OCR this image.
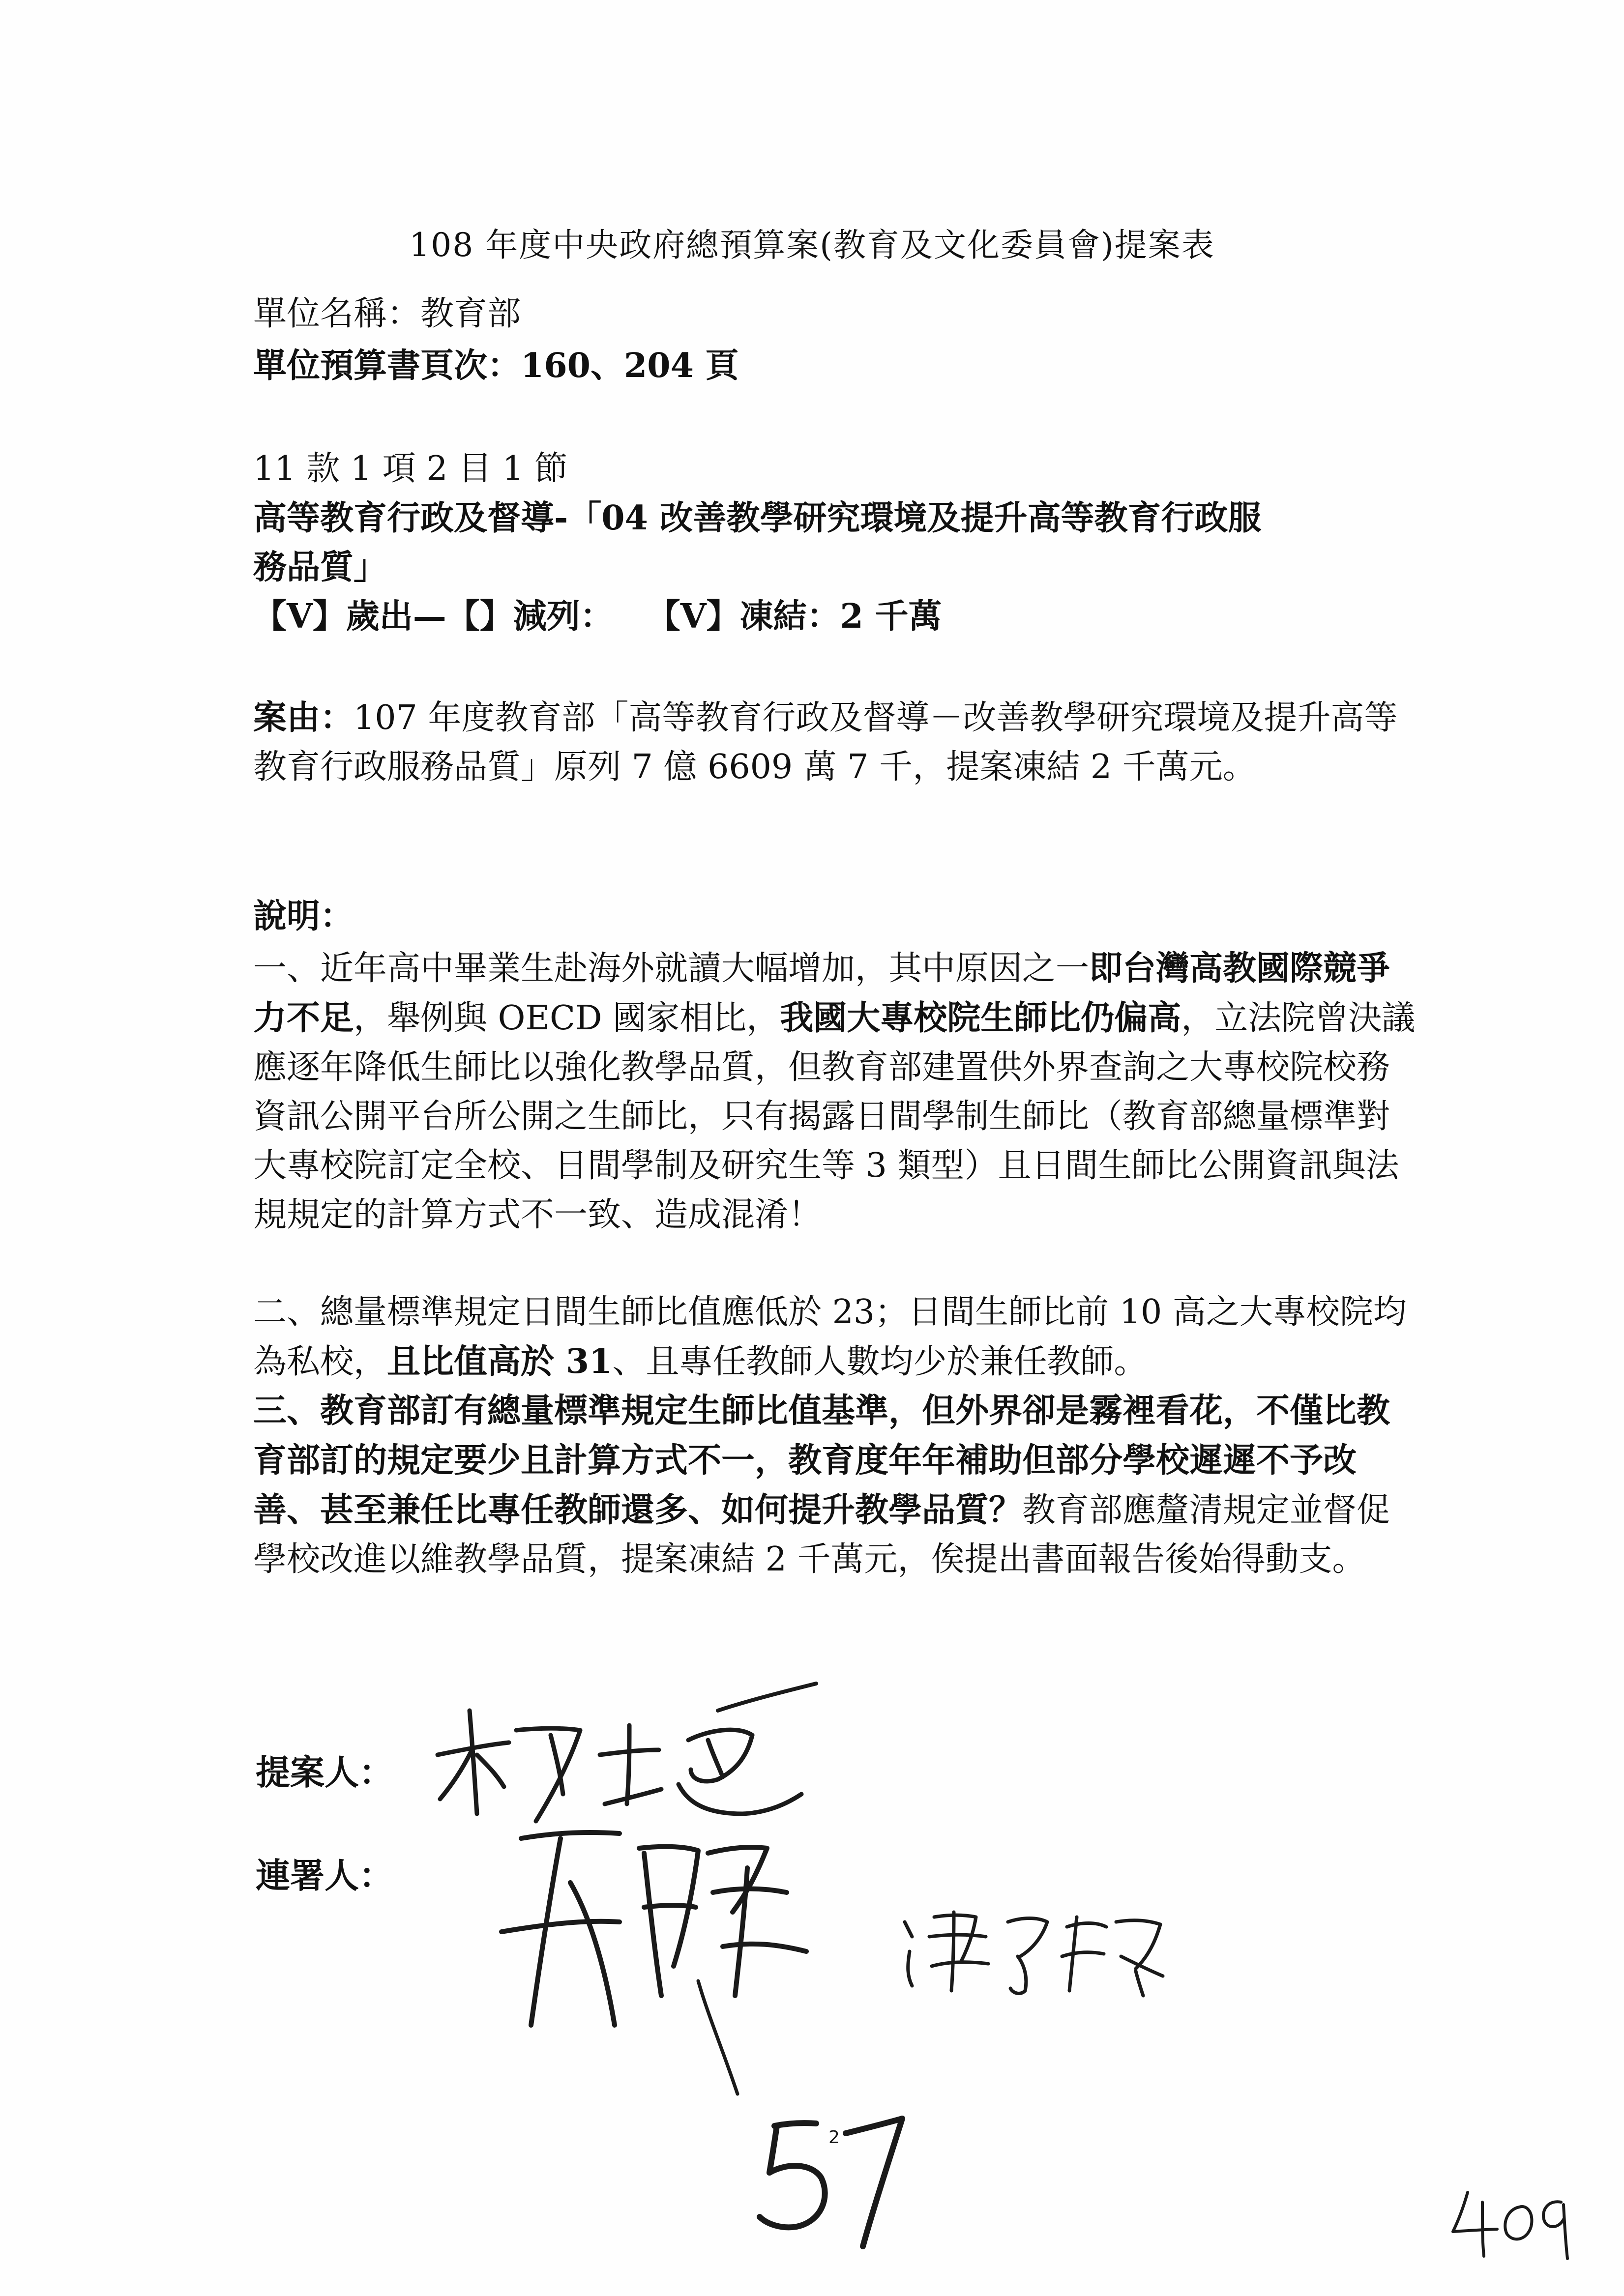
108 年度中央政府總預算案(教育及文化委員會)提案表
單位名稱：教育部
單位預算書頁次：160、204 頁
11 款 1 項 2 目 1 節
高等教育行政及督導-「04 改善教學研究環境及提升高等教育行政服
務品質」
【V】歲出—【】減列：　　【V】凍結：2 千萬

案由：107 年度教育部「高等教育行政及督導－改善教學研究環境及提升高等教育行政服務品質」原列 7 億 6609 萬 7 千，提案凍結 2 千萬元。

說明：

一、近年高中畢業生赴海外就讀大幅增加，其中原因之一即台灣高教國際競爭力不足，舉例與 OECD 國家相比，我國大專校院生師比仍偏高，立法院曾決議應逐年降低生師比以強化教學品質，但教育部建置供外界查詢之大專校院校務資訊公開平台所公開之生師比，只有揭露日間學制生師比（教育部總量標準對大專校院訂定全校、日間學制及研究生等 3 類型）且日間生師比公開資訊與法規規定的計算方式不一致、造成混淆！

二、總量標準規定日間生師比值應低於 23；日間生師比前 10 高之大專校院均為私校，且比值高於 31、且專任教師人數均少於兼任教師。

三、教育部訂有總量標準規定生師比值基準，但外界卻是霧裡看花，不僅比教育部訂的規定要少且計算方式不一，教育度年年補助但部分學校遲遲不予改善、甚至兼任比專任教師還多、如何提升教學品質？教育部應釐清規定並督促學校改進以維教學品質，提案凍結 2 千萬元，俟提出書面報告後始得動支。

提案人：
連署人：
2
